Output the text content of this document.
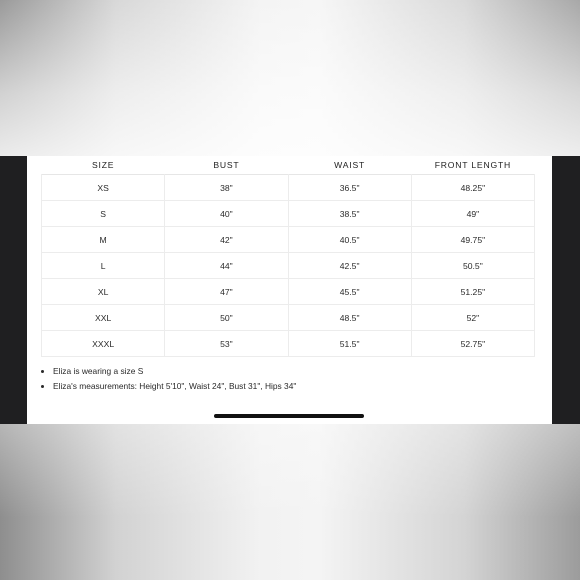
SIZE	BUST	WAIST	FRONT LENGTH
XS	38"	36.5"	48.25"
S	40"	38.5"	49"
M	42"	40.5"	49.75"
L	44"	42.5"	50.5"
XL	47"	45.5"	51.25"
XXL	50"	48.5"	52"
XXXL	53"	51.5"	52.75"
• Eliza is wearing a size S
• Eliza's measurements: Height 5'10", Waist 24", Bust 31", Hips 34"
